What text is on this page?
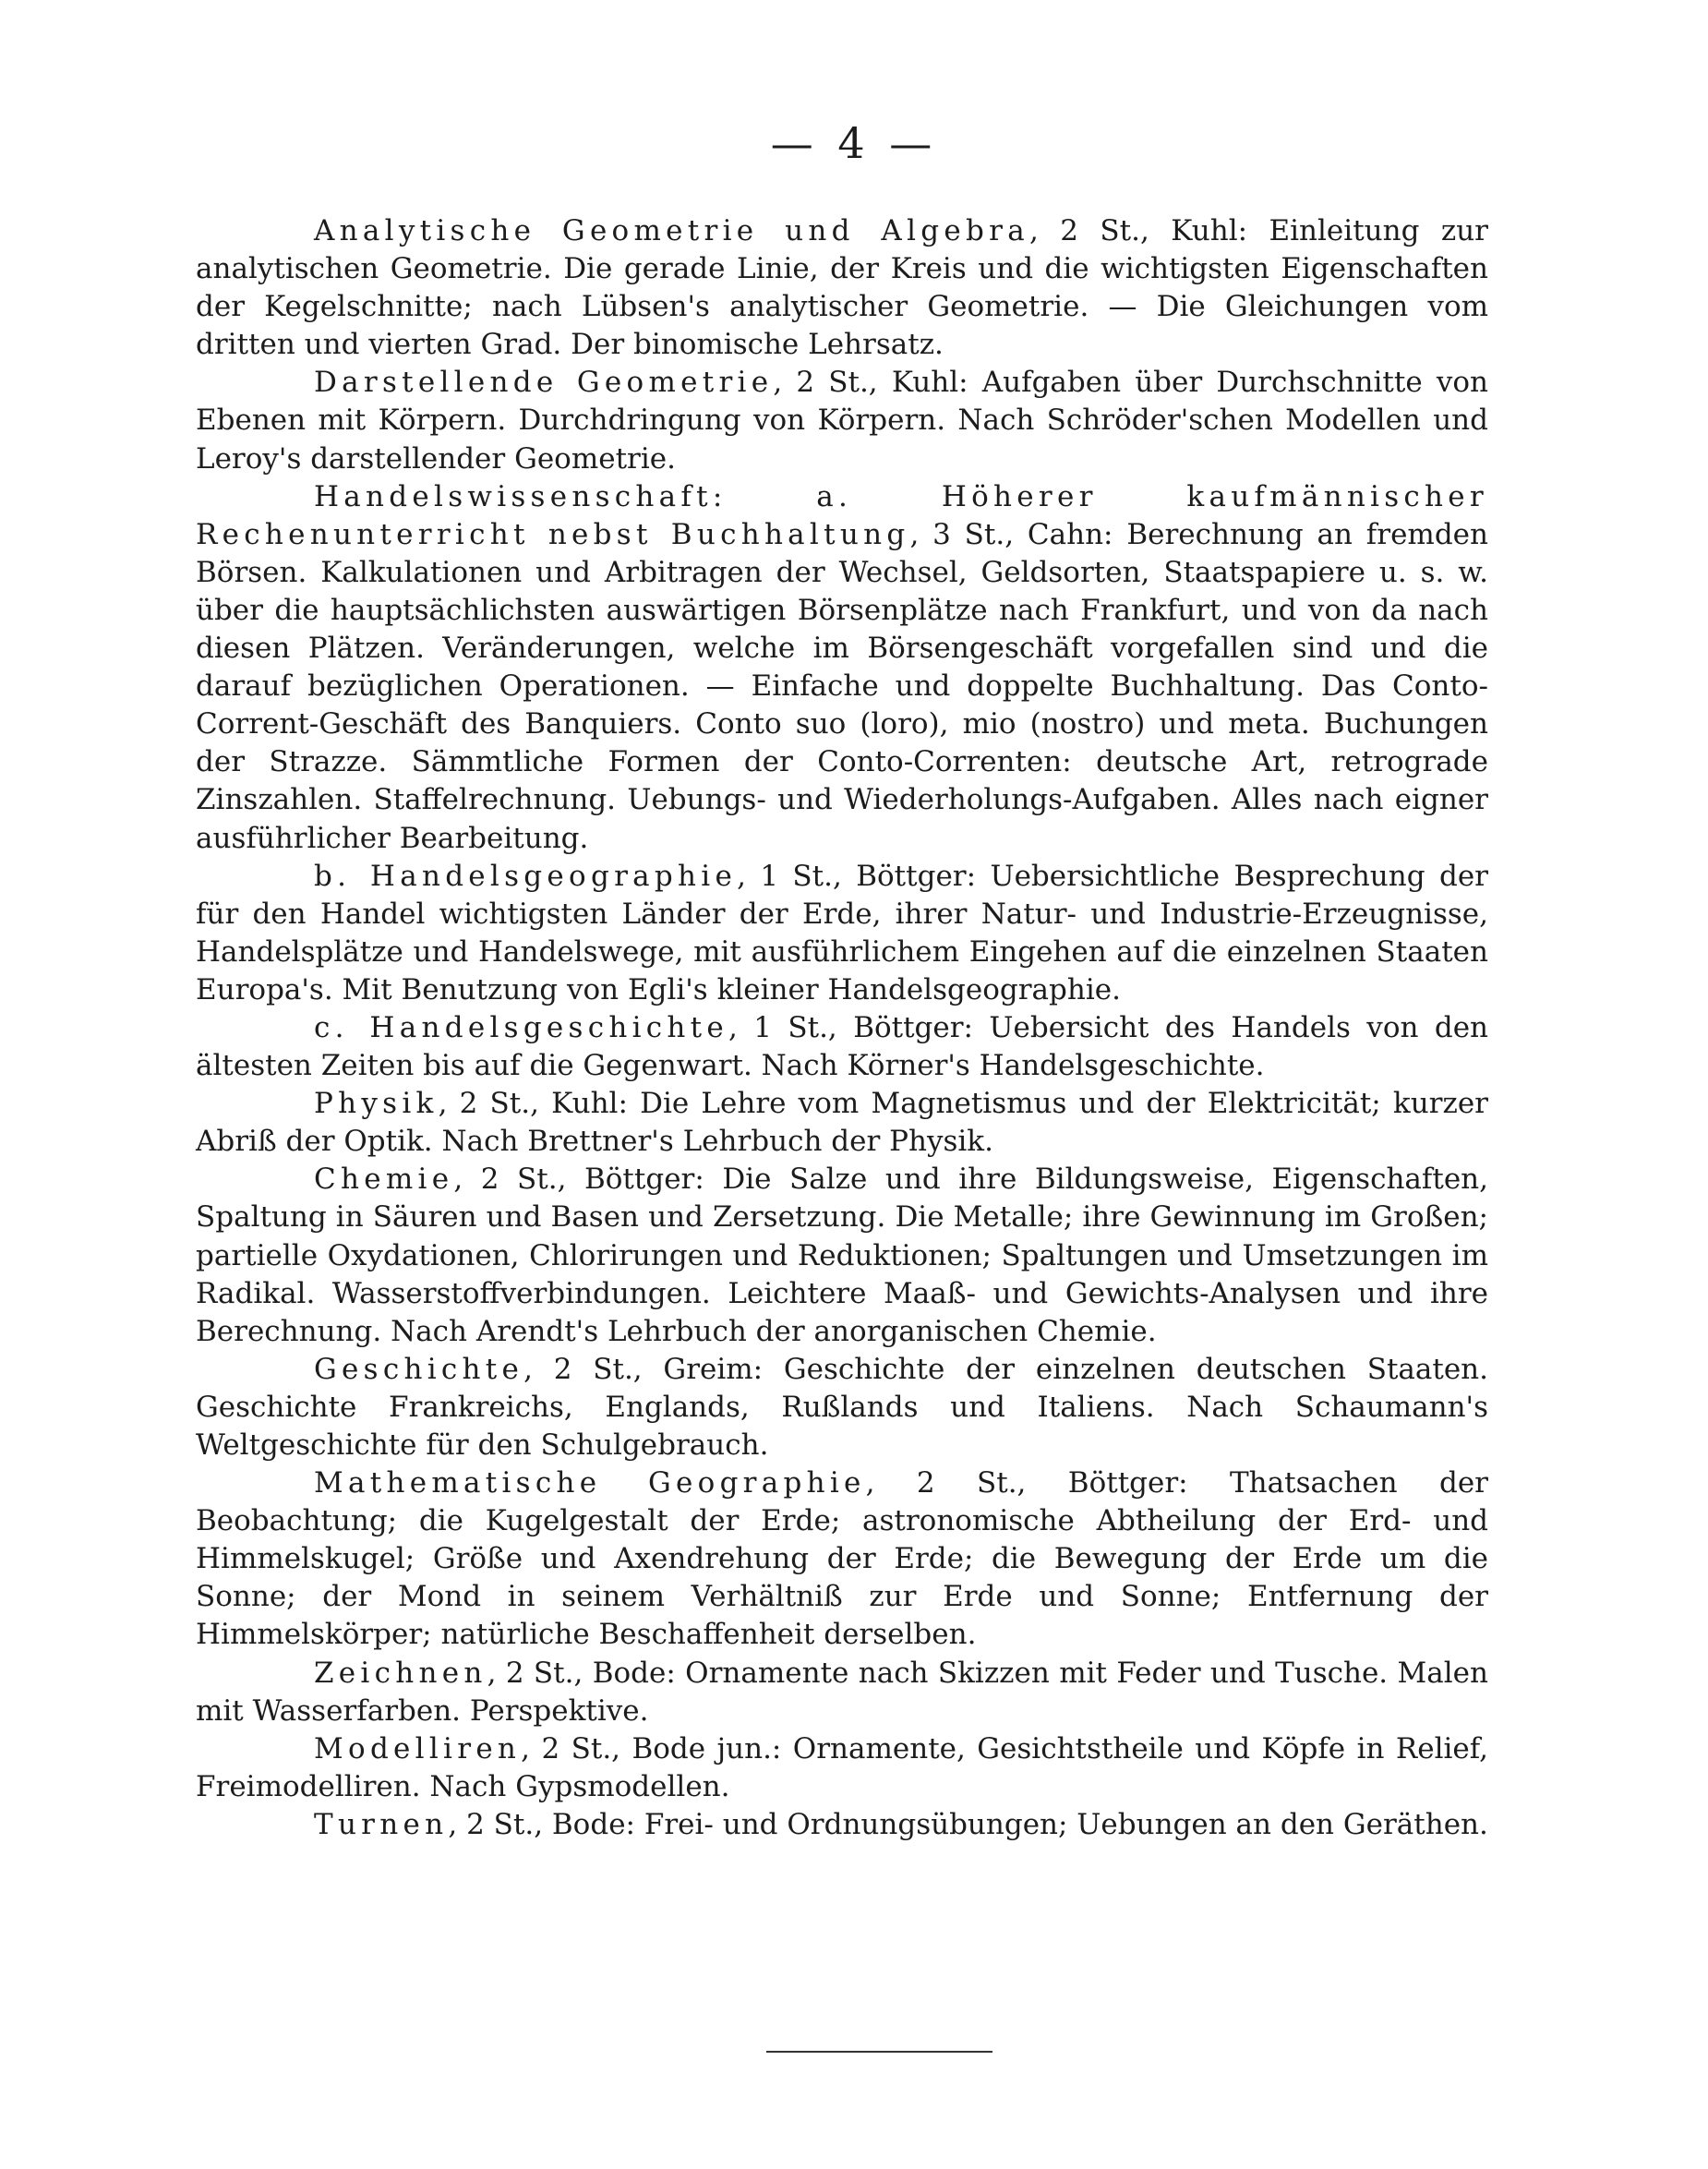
— 4 —

Analytische Geometrie und Algebra, 2 St., Kuhl: Einleitung zur analytischen Geometrie. Die gerade Linie, der Kreis und die wichtigsten Eigenschaften der Kegelschnitte; nach Lübsen's analytischer Geometrie. — Die Gleichungen vom dritten und vierten Grad. Der binomische Lehrsatz.

Darstellende Geometrie, 2 St., Kuhl: Aufgaben über Durchschnitte von Ebenen mit Körpern. Durchdringung von Körpern. Nach Schröder'schen Modellen und Leroy's darstellender Geometrie.

Handelswissenschaft: a. Höherer kaufmännischer Rechenunterricht nebst Buchhaltung, 3 St., Cahn: Berechnung an fremden Börsen. Kalkulationen und Arbitragen der Wechsel, Geldsorten, Staatspapiere u. s. w. über die hauptsächlichsten auswärtigen Börsenplätze nach Frankfurt, und von da nach diesen Plätzen. Veränderungen, welche im Börsengeschäft vorgefallen sind und die darauf bezüglichen Operationen. — Einfache und doppelte Buchhaltung. Das Conto-Corrent-Geschäft des Banquiers. Conto suo (loro), mio (nostro) und meta. Buchungen der Strazze. Sämmtliche Formen der Conto-Correnten: deutsche Art, retrograde Zinszahlen. Staffelrechnung. Uebungs- und Wiederholungs-Aufgaben. Alles nach eigner ausführlicher Bearbeitung.

b. Handelsgeographie, 1 St., Böttger: Uebersichtliche Besprechung der für den Handel wichtigsten Länder der Erde, ihrer Natur- und Industrie-Erzeugnisse, Handelsplätze und Handelswege, mit ausführlichem Eingehen auf die einzelnen Staaten Europa's. Mit Benutzung von Egli's kleiner Handelsgeographie.

c. Handelsgeschichte, 1 St., Böttger: Uebersicht des Handels von den ältesten Zeiten bis auf die Gegenwart. Nach Körner's Handelsgeschichte.

Physik, 2 St., Kuhl: Die Lehre vom Magnetismus und der Elektricität; kurzer Abriß der Optik. Nach Brettner's Lehrbuch der Physik.

Chemie, 2 St., Böttger: Die Salze und ihre Bildungsweise, Eigenschaften, Spaltung in Säuren und Basen und Zersetzung. Die Metalle; ihre Gewinnung im Großen; partielle Oxydationen, Chlorirungen und Reduktionen; Spaltungen und Umsetzungen im Radikal. Wasserstoffverbindungen. Leichtere Maaß- und Gewichts-Analysen und ihre Berechnung. Nach Arendt's Lehrbuch der anorganischen Chemie.

Geschichte, 2 St., Greim: Geschichte der einzelnen deutschen Staaten. Geschichte Frankreichs, Englands, Rußlands und Italiens. Nach Schaumann's Weltgeschichte für den Schulgebrauch.

Mathematische Geographie, 2 St., Böttger: Thatsachen der Beobachtung; die Kugelgestalt der Erde; astronomische Abtheilung der Erd- und Himmelskugel; Größe und Axendrehung der Erde; die Bewegung der Erde um die Sonne; der Mond in seinem Verhältniß zur Erde und Sonne; Entfernung der Himmelskörper; natürliche Beschaffenheit derselben.

Zeichnen, 2 St., Bode: Ornamente nach Skizzen mit Feder und Tusche. Malen mit Wasserfarben. Perspektive.

Modelliren, 2 St., Bode jun.: Ornamente, Gesichtstheile und Köpfe in Relief, Freimodelliren. Nach Gypsmodellen.

Turnen, 2 St., Bode: Frei- und Ordnungsübungen; Uebungen an den Geräthen.
